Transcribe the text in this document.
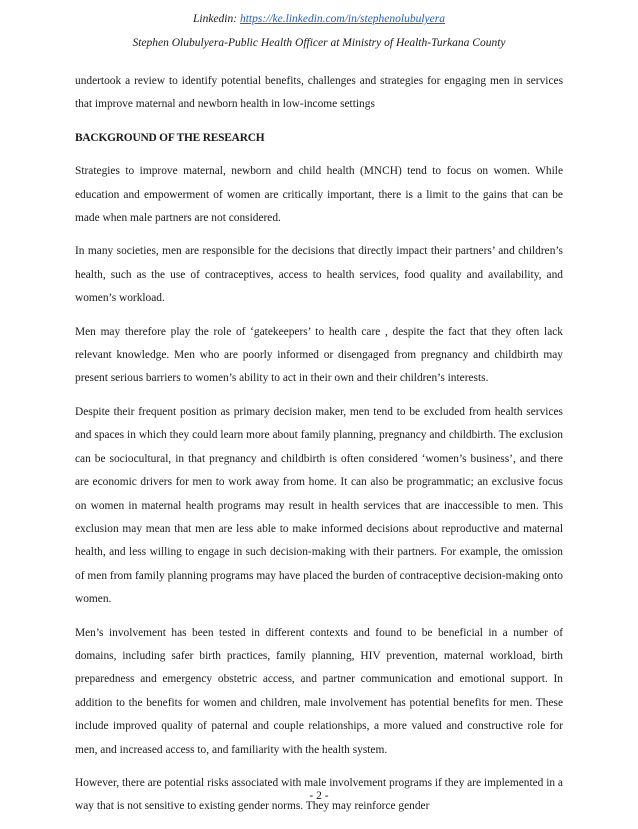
Linkedin: https://ke.linkedin.com/in/stephenolubulyera
Stephen Olubulyera-Public Health Officer at Ministry of Health-Turkana County

undertook a review to identify potential benefits, challenges and strategies for engaging men in services that improve maternal and newborn health in low-income settings

BACKGROUND OF THE RESEARCH

Strategies to improve maternal, newborn and child health (MNCH) tend to focus on women. While education and empowerment of women are critically important, there is a limit to the gains that can be made when male partners are not considered.

In many societies, men are responsible for the decisions that directly impact their partners’ and children’s health, such as the use of contraceptives, access to health services, food quality and availability, and women’s workload.

Men may therefore play the role of ‘gatekeepers’ to health care , despite the fact that they often lack relevant knowledge. Men who are poorly informed or disengaged from pregnancy and childbirth may present serious barriers to women’s ability to act in their own and their children’s interests.

Despite their frequent position as primary decision maker, men tend to be excluded from health services and spaces in which they could learn more about family planning, pregnancy and childbirth. The exclusion can be sociocultural, in that pregnancy and childbirth is often considered ‘women’s business’, and there are economic drivers for men to work away from home. It can also be programmatic; an exclusive focus on women in maternal health programs may result in health services that are inaccessible to men. This exclusion may mean that men are less able to make informed decisions about reproductive and maternal health, and less willing to engage in such decision-making with their partners. For example, the omission of men from family planning programs may have placed the burden of contraceptive decision-making onto women.

Men’s involvement has been tested in different contexts and found to be beneficial in a number of domains, including safer birth practices, family planning, HIV prevention, maternal workload, birth preparedness and emergency obstetric access, and partner communication and emotional support. In addition to the benefits for women and children, male involvement has potential benefits for men. These include improved quality of paternal and couple relationships, a more valued and constructive role for men, and increased access to, and familiarity with the health system.

However, there are potential risks associated with male involvement programs if they are implemented in a way that is not sensitive to existing gender norms. They may reinforce gender

- 2 -
